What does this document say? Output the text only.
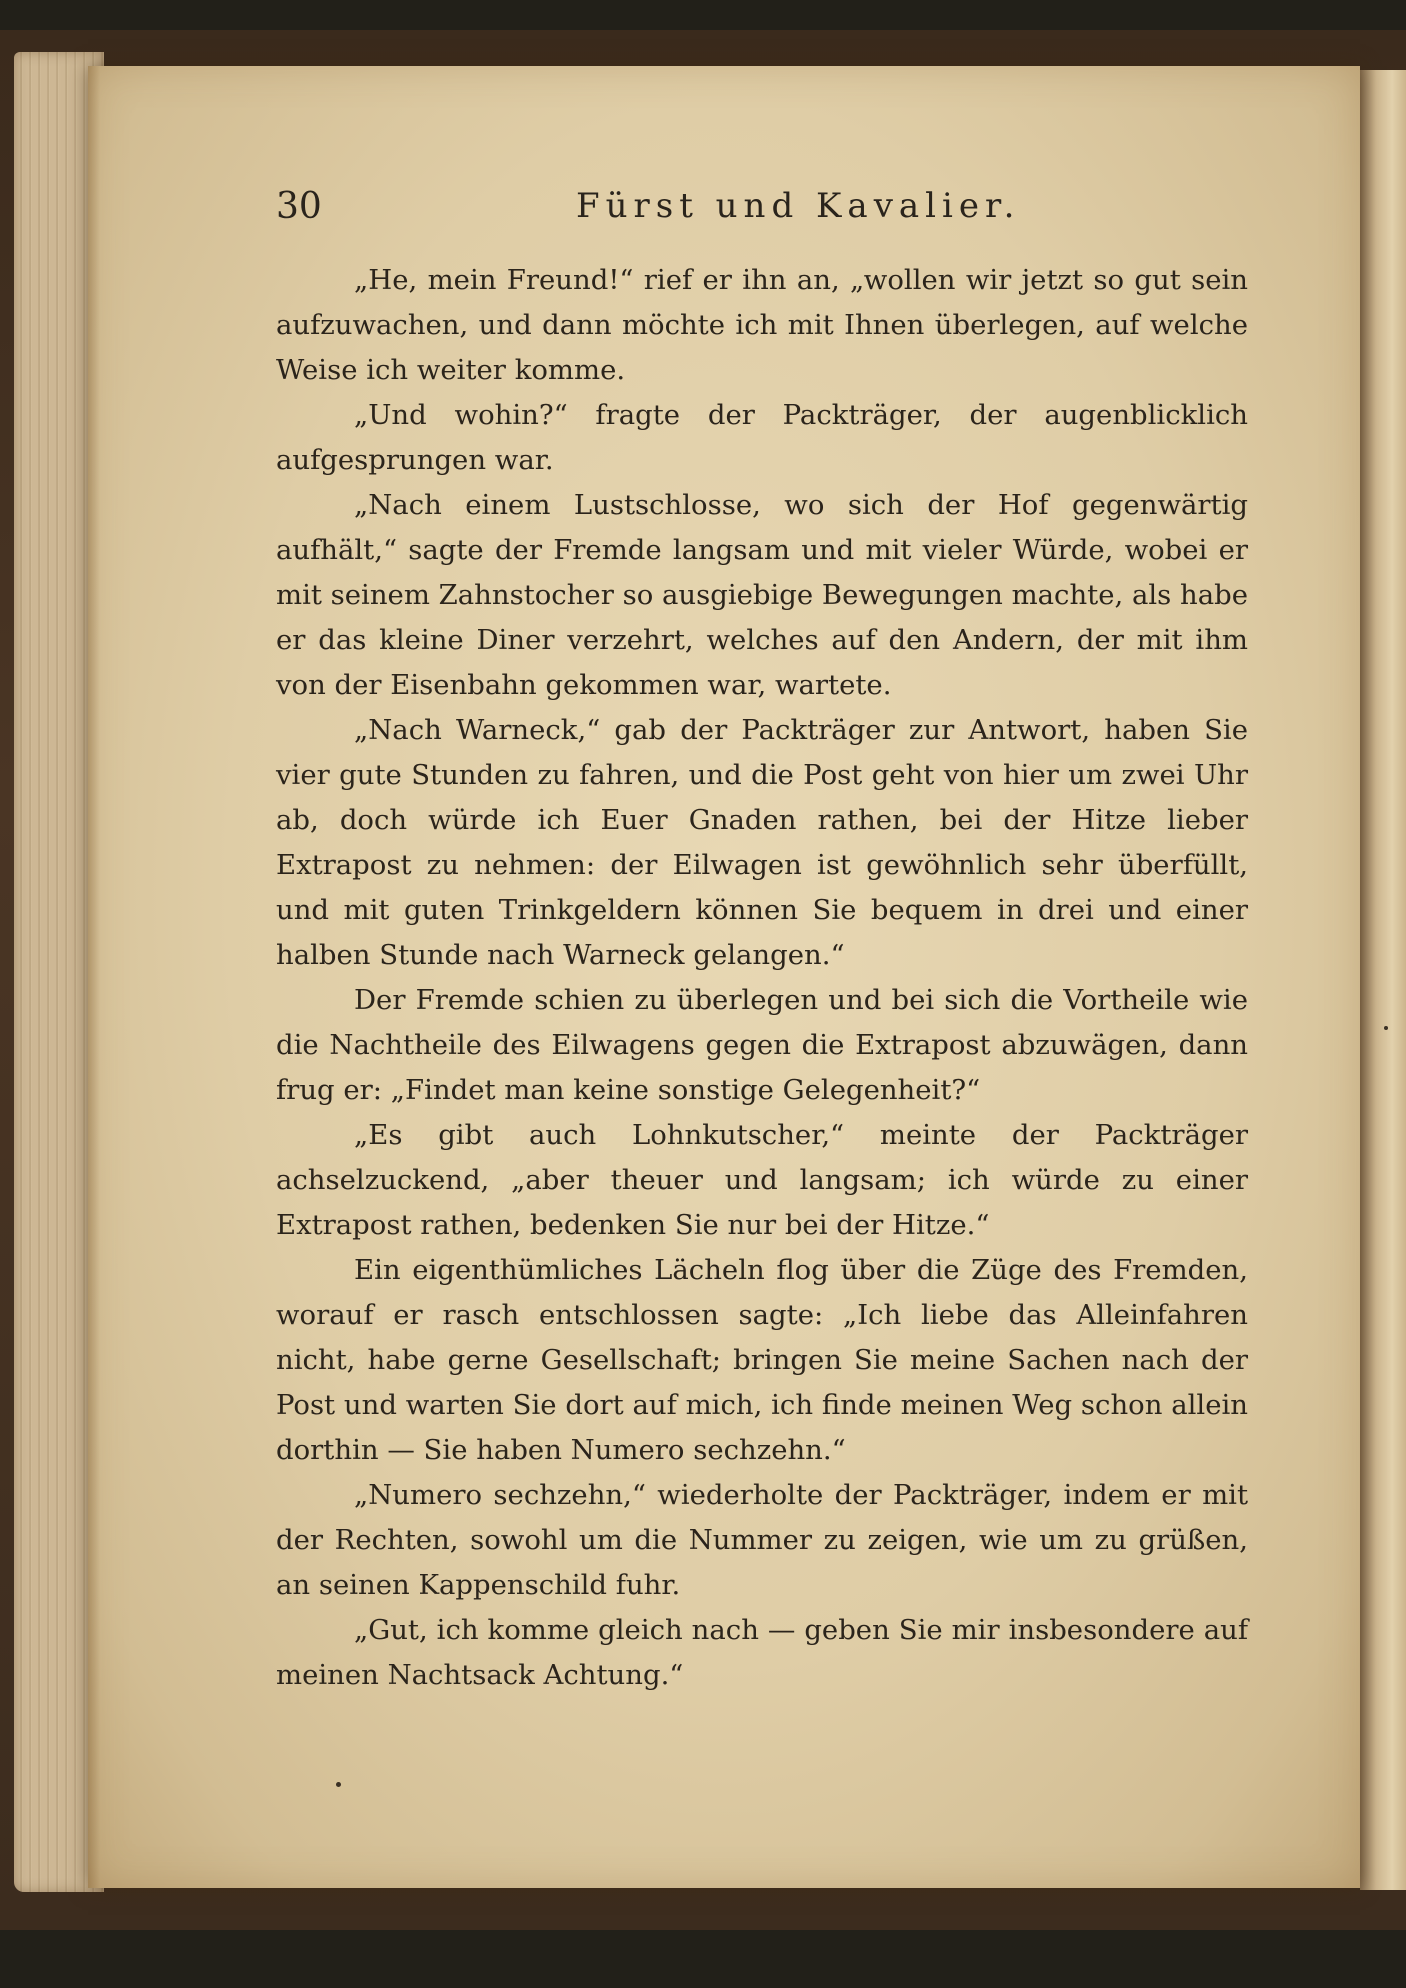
30	Fürst und Kavalier.

„He, mein Freund!“ rief er ihn an, „wollen wir jetzt so gut sein aufzuwachen, und dann möchte ich mit Ihnen überlegen, auf welche Weise ich weiter komme.

„Und wohin?“ fragte der Packträger, der augenblicklich aufgesprungen war.

„Nach einem Lustschlosse, wo sich der Hof gegenwärtig aufhält,“ sagte der Fremde langsam und mit vieler Würde, wobei er mit seinem Zahnstocher so ausgiebige Bewegungen machte, als habe er das kleine Diner verzehrt, welches auf den Andern, der mit ihm von der Eisenbahn gekommen war, wartete.

„Nach Warneck,“ gab der Packträger zur Antwort, haben Sie vier gute Stunden zu fahren, und die Post geht von hier um zwei Uhr ab, doch würde ich Euer Gnaden rathen, bei der Hitze lieber Extrapost zu nehmen: der Eilwagen ist gewöhnlich sehr überfüllt, und mit guten Trinkgeldern können Sie bequem in drei und einer halben Stunde nach Warneck gelangen.“

Der Fremde schien zu überlegen und bei sich die Vortheile wie die Nachtheile des Eilwagens gegen die Extrapost abzuwägen, dann frug er: „Findet man keine sonstige Gelegenheit?“

„Es gibt auch Lohnkutscher,“ meinte der Packträger achselzuckend, „aber theuer und langsam; ich würde zu einer Extrapost rathen, bedenken Sie nur bei der Hitze.“

Ein eigenthümliches Lächeln flog über die Züge des Fremden, worauf er rasch entschlossen sagte: „Ich liebe das Alleinfahren nicht, habe gerne Gesellschaft; bringen Sie meine Sachen nach der Post und warten Sie dort auf mich, ich finde meinen Weg schon allein dorthin — Sie haben Numero sechzehn.“

„Numero sechzehn,“ wiederholte der Packträger, indem er mit der Rechten, sowohl um die Nummer zu zeigen, wie um zu grüßen, an seinen Kappenschild fuhr.

„Gut, ich komme gleich nach — geben Sie mir insbesondere auf meinen Nachtsack Achtung.“
